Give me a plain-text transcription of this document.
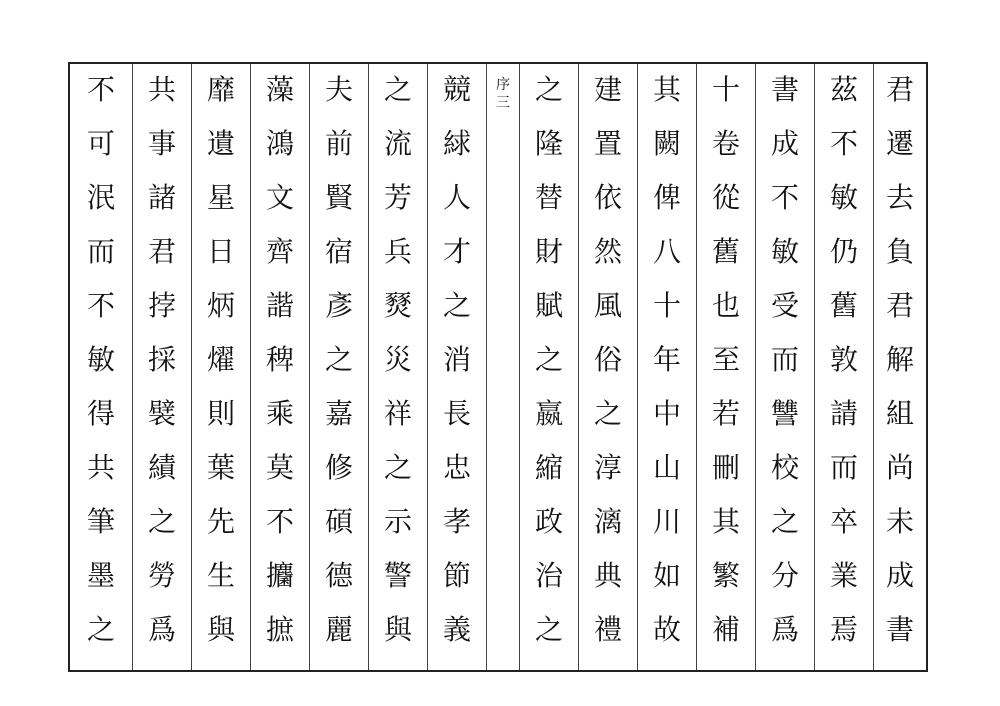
不
可
泯
而
不
敏
得
共
筆
墨
之
共
事
諸
君
挬
採
襞
績
之
勞
爲
靡
遺
星
日
炳
燿
則
葉
先
生
與
藻
鴻
文
齊
諧
稗
乘
莫
不
攟
摭
夫
前
賢
宿
彥
之
嘉
修
碩
德
麗
之
流
芳
兵
燹
災
祥
之
示
警
與
競
絿
人
才
之
消
長
忠
孝
節
義
序
三 之
隆
替
財
賦
之
嬴
縮
政
治
之
建
置
依
然
風
俗
之
淳
漓
典
禮
其
闕
俾
八
十
年
中
山
川
如
故
十
卷
從
舊
也
至
若
刪
其
繁
補
書
成
不
敏
受
而
讐
校
之
分
爲
茲
不
敏
仍
舊
敦
請
而
卒
業
焉
君
遷
去
負
君
解
組
尚
未
成
書
